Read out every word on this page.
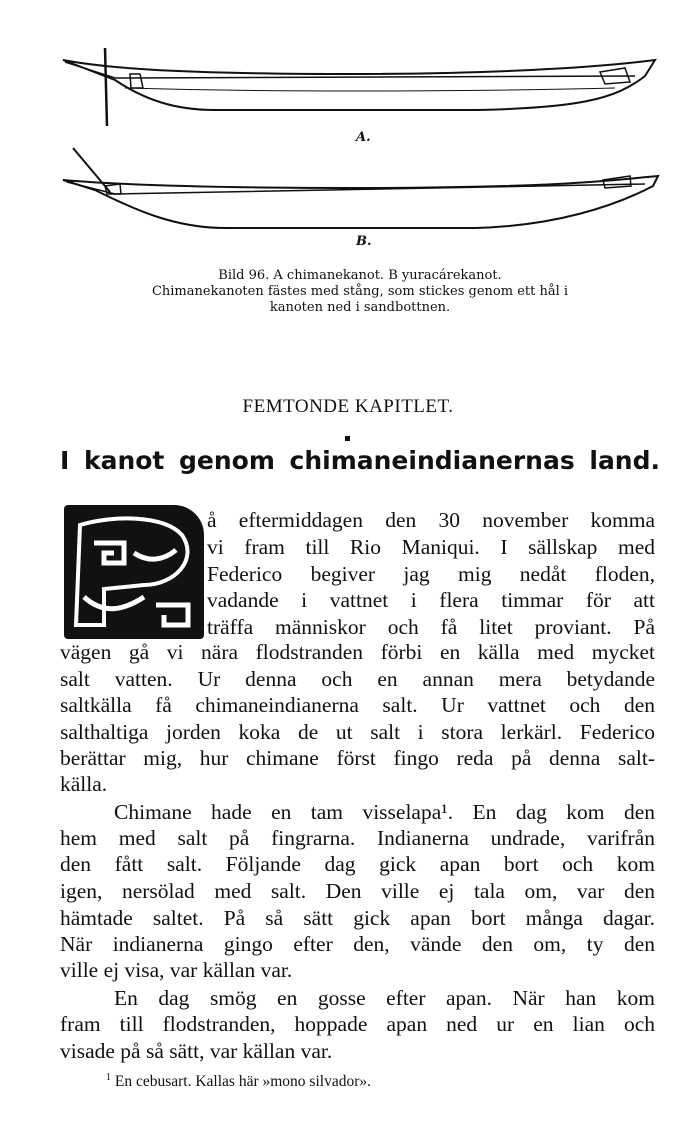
A.
B.
Bild 96. A chimanekanot. B yuracárekanot.
Chimanekanoten fästes med stång, som stickes genom ett hål i
kanoten ned i sandbottnen.
FEMTONDE KAPITLET.
I kanot genom chimaneindianernas land.
å eftermiddagen den 30 november komma
vi fram till Rio Maniqui. I sällskap med
Federico begiver jag mig nedåt floden,
vadande i vattnet i flera timmar för att
träffa människor och få litet proviant. På
vägen gå vi nära flodstranden förbi en källa med mycket
salt vatten. Ur denna och en annan mera betydande
saltkälla få chimaneindianerna salt. Ur vattnet och den
salthaltiga jorden koka de ut salt i stora lerkärl. Federico
berättar mig, hur chimane först fingo reda på denna salt-
källa.
Chimane hade en tam visselapa¹. En dag kom den
hem med salt på fingrarna. Indianerna undrade, varifrån
den fått salt. Följande dag gick apan bort och kom
igen, nersölad med salt. Den ville ej tala om, var den
hämtade saltet. På så sätt gick apan bort många dagar.
När indianerna gingo efter den, vände den om, ty den
ville ej visa, var källan var.
En dag smög en gosse efter apan. När han kom
fram till flodstranden, hoppade apan ned ur en lian och
visade på så sätt, var källan var.
$^1$ En cebusart. Kallas här »mono silvador».
